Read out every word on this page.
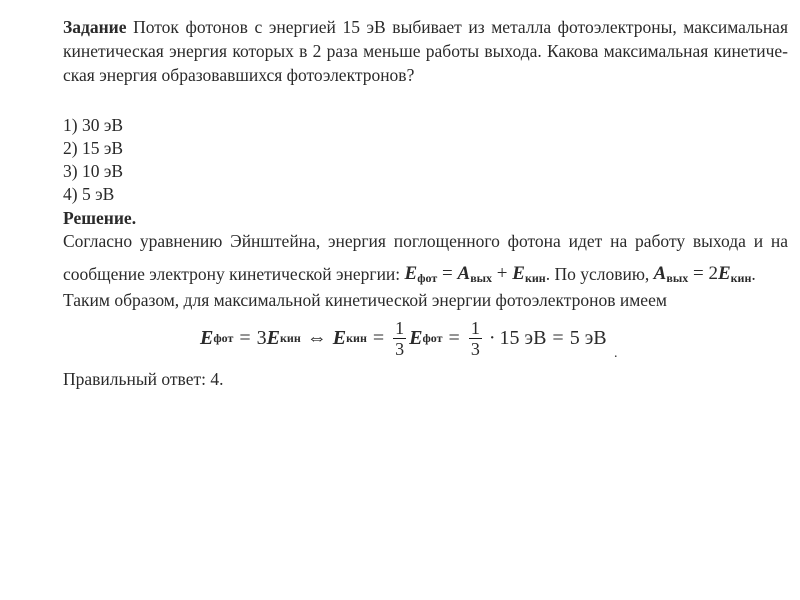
Задание Поток фотонов с энергией 15 эВ выбивает из металла фотоэлектроны, максимальная
кинетическая энергия которых в 2 раза меньше работы выхода. Какова максимальная кинетиче-
ская энергия образовавшихся фотоэлектронов?
1) 30 эВ
2) 15 эВ
3) 10 эВ
4) 5 эВ
Решение.
Согласно уравнению Эйнштейна, энергия поглощенного фотона идет на работу выхода и на
сообщение электрону кинетической энергии: $E_{фот} = A_{вых} + E_{кин}$. По условию, $A_{вых} = 2E_{кин}$.
Таким образом, для максимальной кинетической энергии фотоэлектронов имеем
E фот = 3 E кин ⇔ E кин = $\frac{1}{3}$ E фот = $\frac{1}{3} \cdot 15$ эВ = 5 эВ
.
Правильный ответ: 4.
